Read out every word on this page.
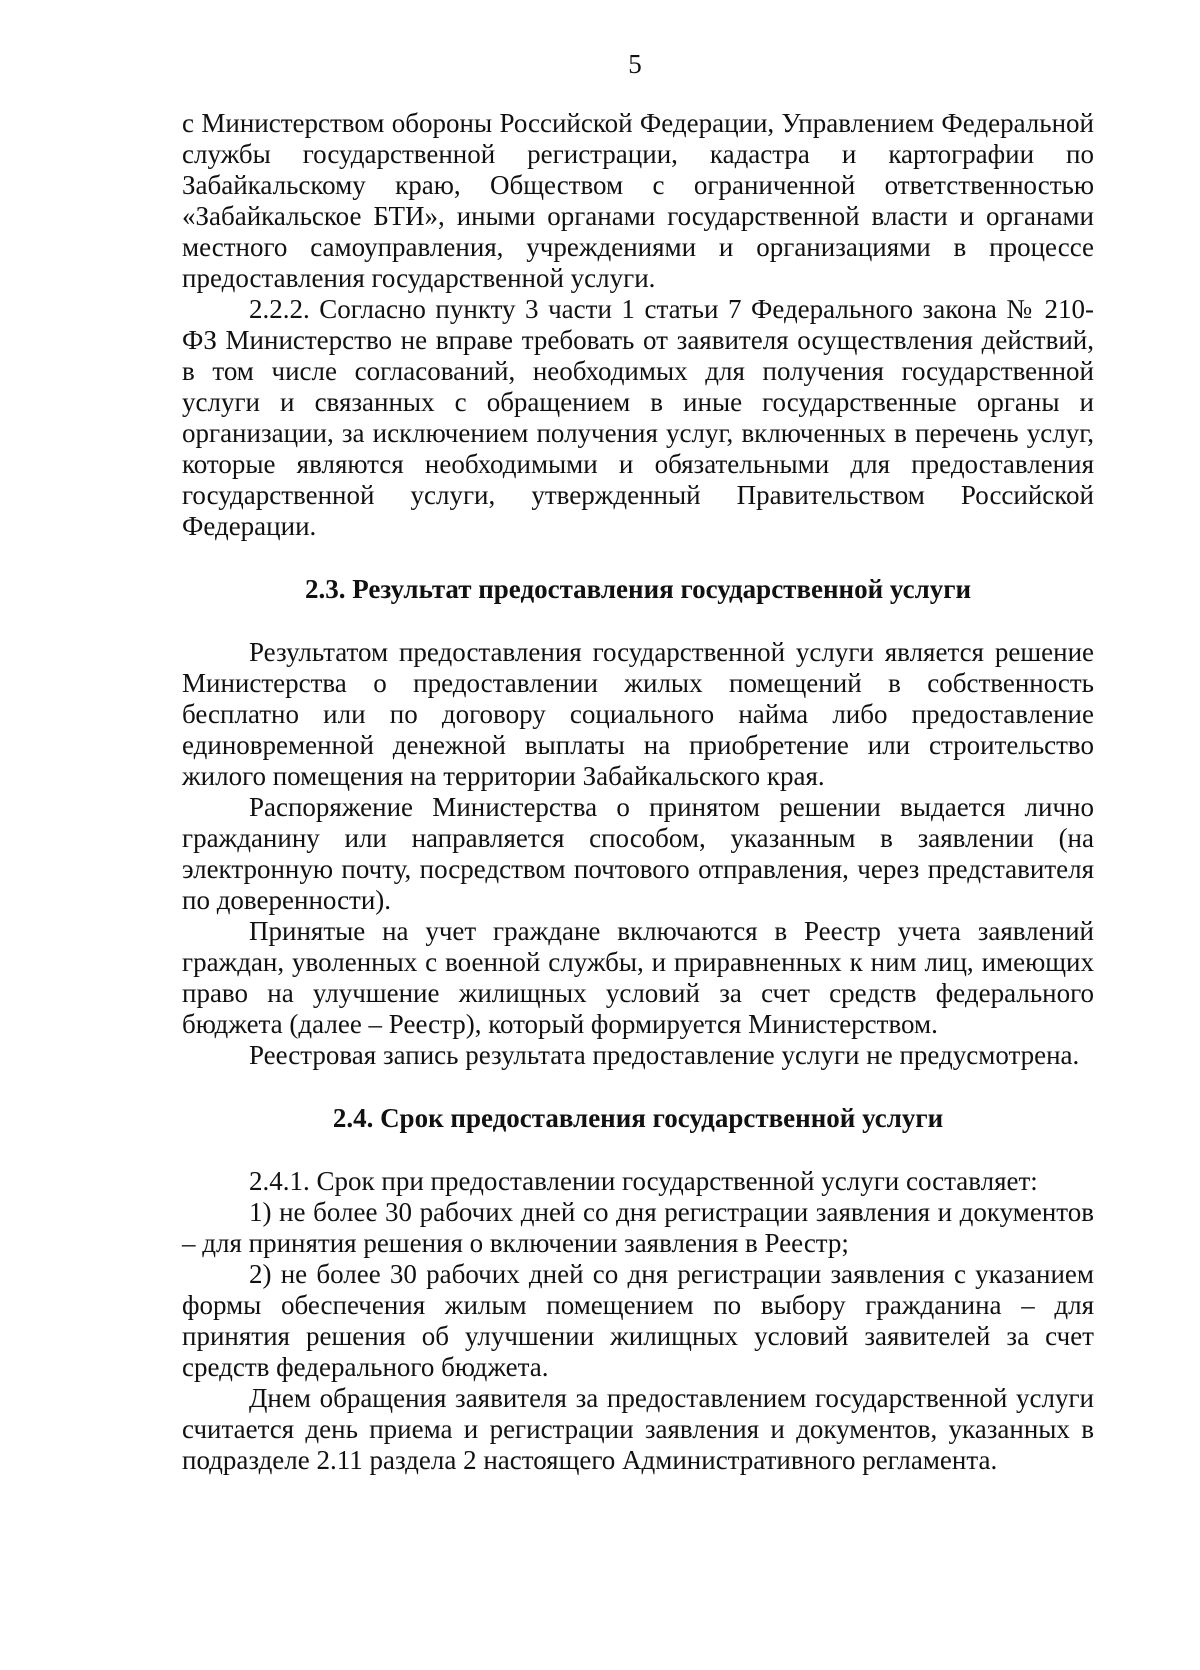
5

с Министерством обороны Российской Федерации, Управлением Федеральной службы государственной регистрации, кадастра и картографии по Забайкальскому краю, Обществом с ограниченной ответственностью «Забайкальское БТИ», иными органами государственной власти и органами местного самоуправления, учреждениями и организациями в процессе предоставления государственной услуги.

2.2.2. Согласно пункту 3 части 1 статьи 7 Федерального закона № 210-ФЗ Министерство не вправе требовать от заявителя осуществления действий, в том числе согласований, необходимых для получения государственной услуги и связанных с обращением в иные государственные органы и организации, за исключением получения услуг, включенных в перечень услуг, которые являются необходимыми и обязательными для предоставления государственной услуги, утвержденный Правительством Российской Федерации.

2.3. Результат предоставления государственной услуги

Результатом предоставления государственной услуги является решение Министерства о предоставлении жилых помещений в собственность бесплатно или по договору социального найма либо предоставление единовременной денежной выплаты на приобретение или строительство жилого помещения на территории Забайкальского края.

Распоряжение Министерства о принятом решении выдается лично гражданину или направляется способом, указанным в заявлении (на электронную почту, посредством почтового отправления, через представителя по доверенности).

Принятые на учет граждане включаются в Реестр учета заявлений граждан, уволенных с военной службы, и приравненных к ним лиц, имеющих право на улучшение жилищных условий за счет средств федерального бюджета (далее – Реестр), который формируется Министерством.

Реестровая запись результата предоставление услуги не предусмотрена.

2.4. Срок предоставления государственной услуги

2.4.1. Срок при предоставлении государственной услуги составляет:

1) не более 30 рабочих дней со дня регистрации заявления и документов – для принятия решения о включении заявления в Реестр;

2) не более 30 рабочих дней со дня регистрации заявления с указанием формы обеспечения жилым помещением по выбору гражданина – для принятия решения об улучшении жилищных условий заявителей за счет средств федерального бюджета.

Днем обращения заявителя за предоставлением государственной услуги считается день приема и регистрации заявления и документов, указанных в подразделе 2.11 раздела 2 настоящего Административного регламента.
